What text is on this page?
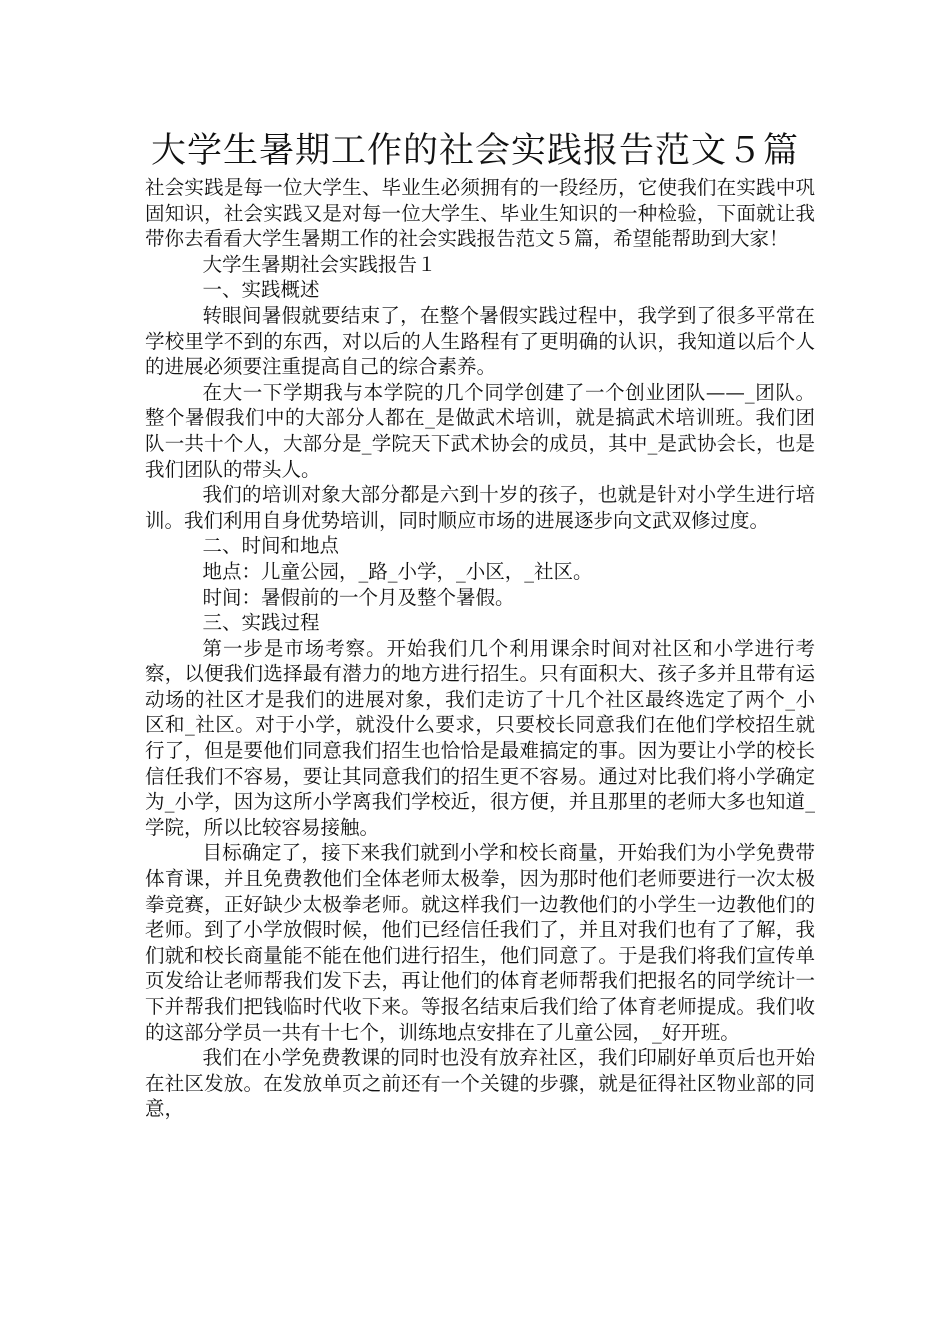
大学生暑期工作的社会实践报告范文５篇

社会实践是每一位大学生、毕业生必须拥有的一段经历，它使我们在实践中巩固知识，社会实践又是对每一位大学生、毕业生知识的一种检验，下面就让我带你去看看大学生暑期工作的社会实践报告范文５篇，希望能帮助到大家！

大学生暑期社会实践报告１

一、实践概述

转眼间暑假就要结束了，在整个暑假实践过程中，我学到了很多平常在学校里学不到的东西，对以后的人生路程有了更明确的认识，我知道以后个人的进展必须要注重提高自己的综合素养。

在大一下学期我与本学院的几个同学创建了一个创业团队——_团队。整个暑假我们中的大部分人都在_是做武术培训，就是搞武术培训班。我们团队一共十个人，大部分是_学院天下武术协会的成员，其中_是武协会长，也是我们团队的带头人。

我们的培训对象大部分都是六到十岁的孩子，也就是针对小学生进行培训。我们利用自身优势培训，同时顺应市场的进展逐步向文武双修过度。

二、时间和地点

地点：儿童公园，_路_小学，_小区，_社区。

时间：暑假前的一个月及整个暑假。

三、实践过程

第一步是市场考察。开始我们几个利用课余时间对社区和小学进行考察，以便我们选择最有潜力的地方进行招生。只有面积大、孩子多并且带有运动场的社区才是我们的进展对象，我们走访了十几个社区最终选定了两个_小区和_社区。对于小学，就没什么要求，只要校长同意我们在他们学校招生就行了，但是要他们同意我们招生也恰恰是最难搞定的事。因为要让小学的校长信任我们不容易，要让其同意我们的招生更不容易。通过对比我们将小学确定为_小学，因为这所小学离我们学校近，很方便，并且那里的老师大多也知道_学院，所以比较容易接触。

目标确定了，接下来我们就到小学和校长商量，开始我们为小学免费带体育课，并且免费教他们全体老师太极拳，因为那时他们老师要进行一次太极拳竞赛，正好缺少太极拳老师。就这样我们一边教他们的小学生一边教他们的老师。到了小学放假时候，他们已经信任我们了，并且对我们也有了了解，我们就和校长商量能不能在他们进行招生，他们同意了。于是我们将我们宣传单页发给让老师帮我们发下去，再让他们的体育老师帮我们把报名的同学统计一下并帮我们把钱临时代收下来。等报名结束后我们给了体育老师提成。我们收的这部分学员一共有十七个，训练地点安排在了儿童公园，_好开班。

我们在小学免费教课的同时也没有放弃社区，我们印刷好单页后也开始在社区发放。在发放单页之前还有一个关键的步骤，就是征得社区物业部的同意，
